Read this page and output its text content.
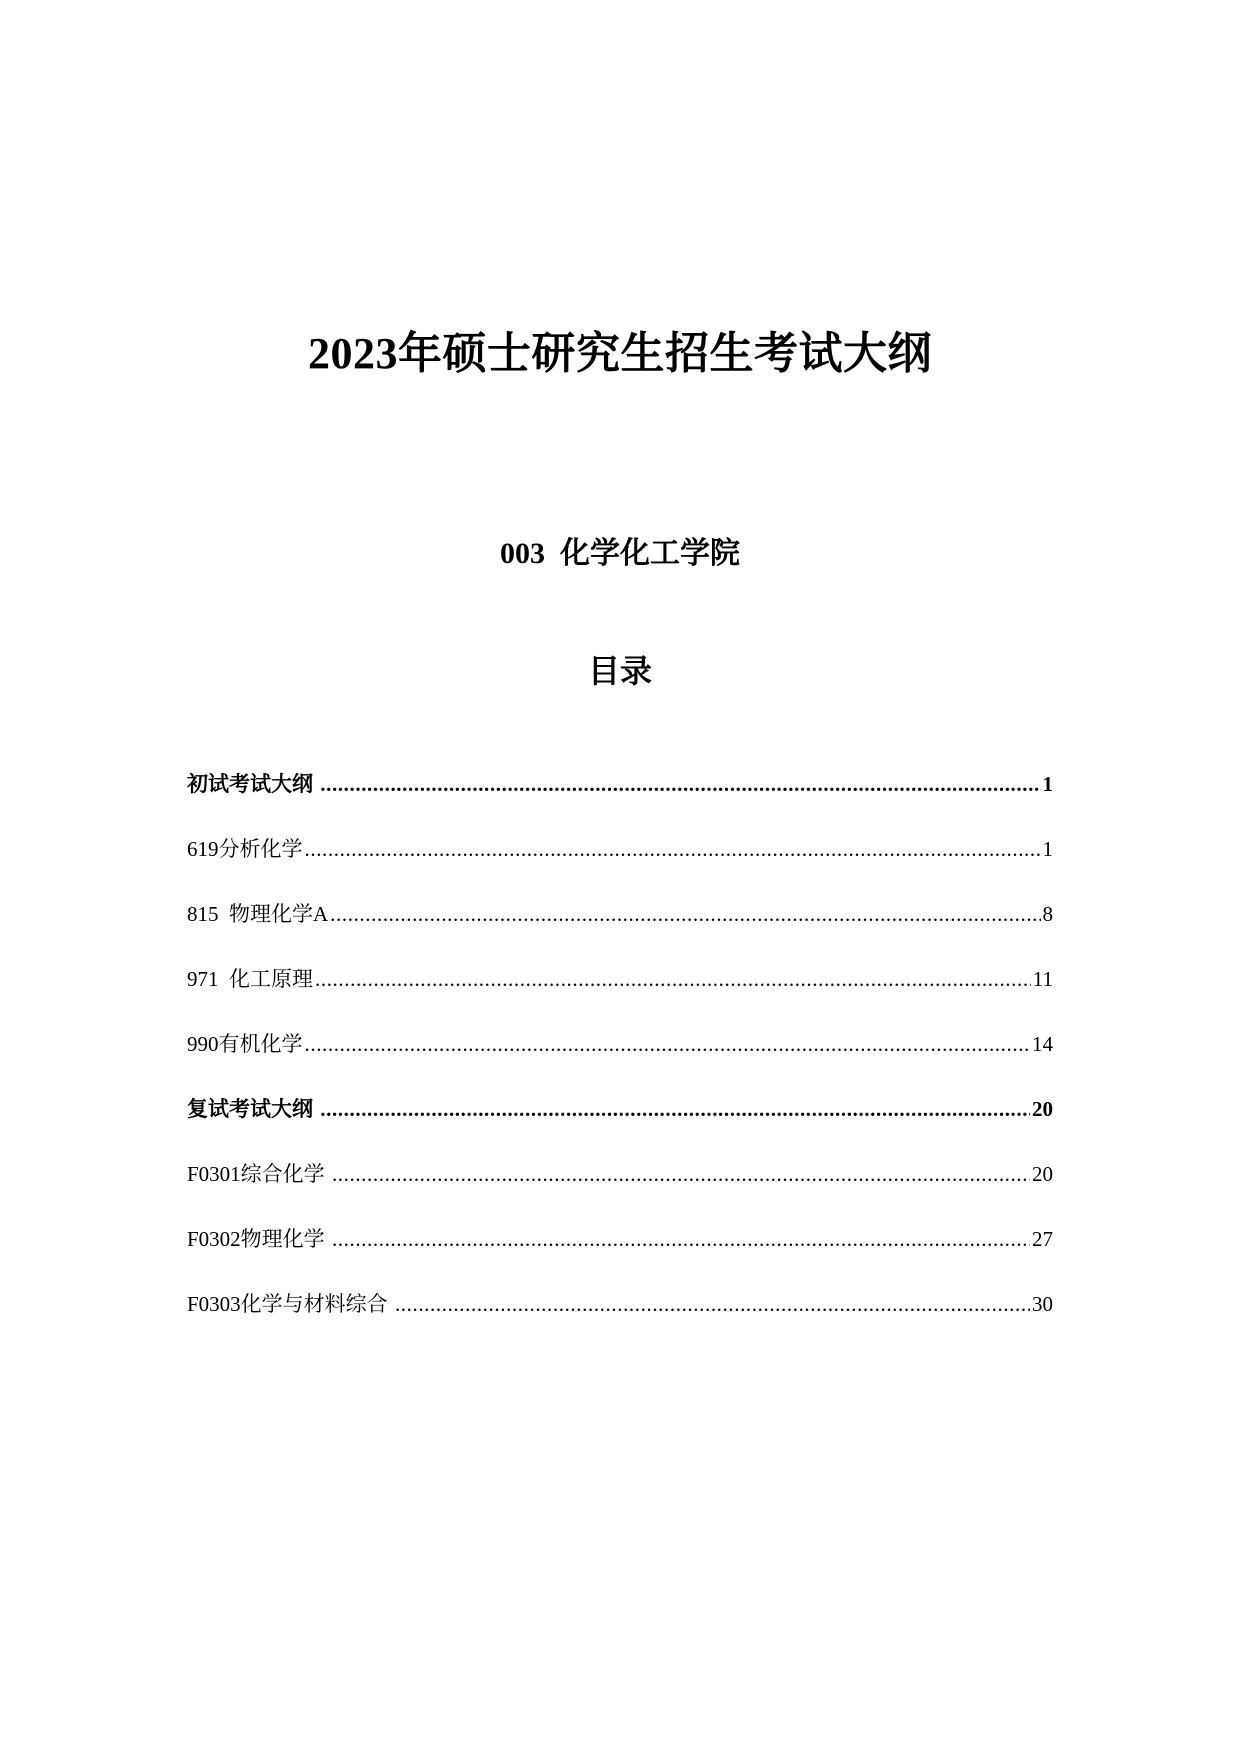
2023年硕士研究生招生考试大纲
003  化学化工学院
目录
初试考试大纲 .....	1
619分析化学 .....	1
815  物理化学A .....	8
971  化工原理 .....	11
990有机化学 .....	14
复试考试大纲 .....	20
F0301综合化学 .....	20
F0302物理化学 .....	27
F0303化学与材料综合 .....	30
